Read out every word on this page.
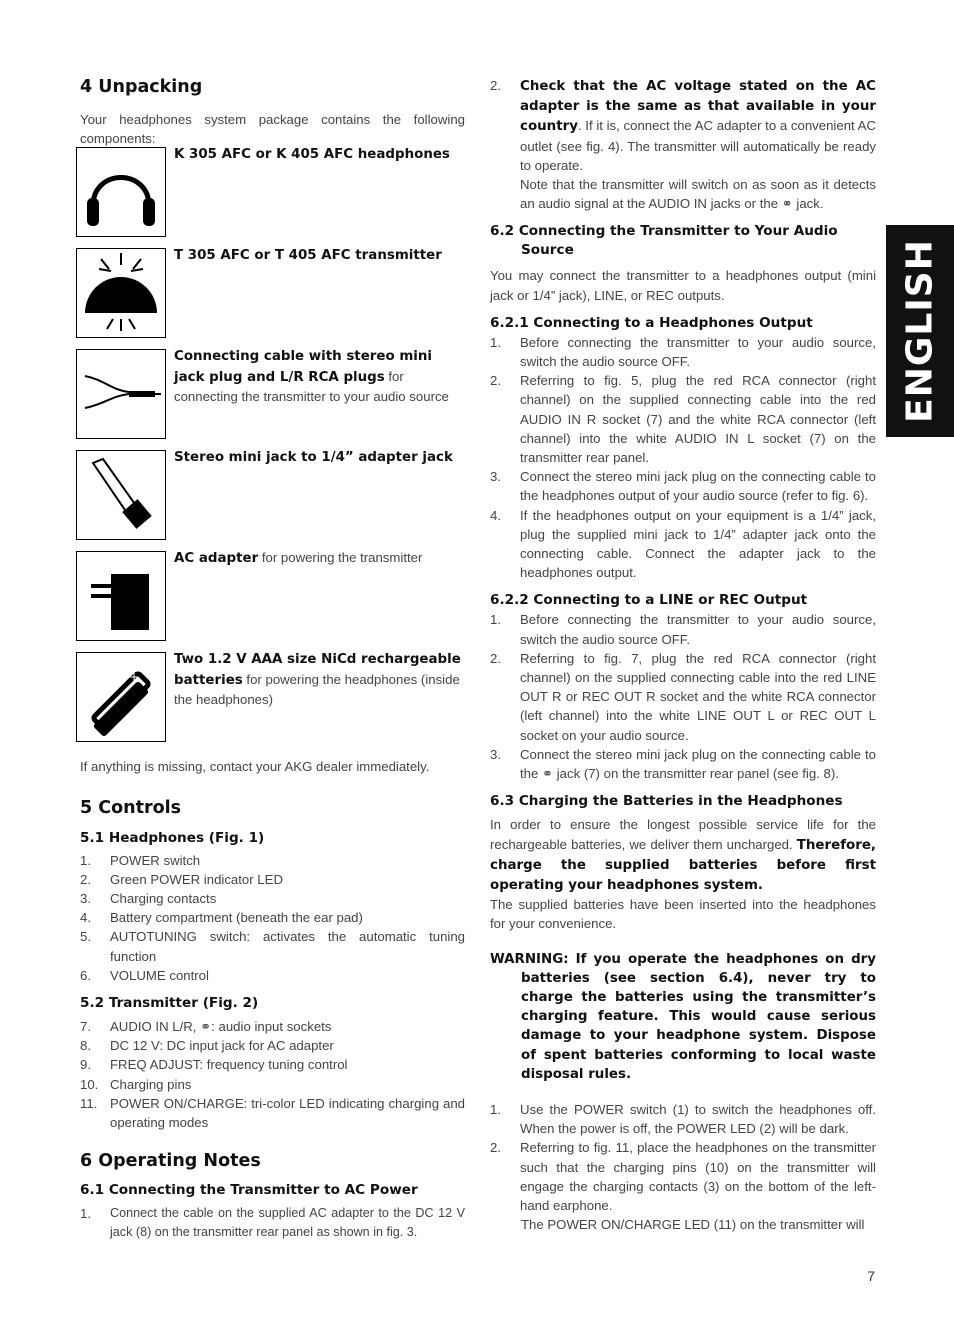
ENGLISH
4 Unpacking

Your headphones system package contains the following components:

K 305 AFC or K 405 AFC headphones

T 305 AFC or T 405 AFC transmitter

Connecting cable with stereo mini jack plug and L/R RCA plugs for connecting the transmitter to your audio source

Stereo mini jack to 1/4” adapter jack

AC adapter for powering the transmitter

+

Two 1.2 V AAA size NiCd rechargeable batteries for powering the headphones (inside the headphones)

If anything is missing, contact your AKG dealer immediately.

5 Controls
5.1 Headphones (Fig. 1)
1.	POWER switch
2.	Green POWER indicator LED
3.	Charging contacts
4.	Battery compartment (beneath the ear pad)
5.	AUTOTUNING switch: activates the automatic tuning function
6.	VOLUME control
5.2 Transmitter (Fig. 2)
7.	AUDIO IN L/R, ⚭: audio input sockets
8.	DC 12 V: DC input jack for AC adapter
9.	FREQ ADJUST: frequency tuning control
10. Charging pins
11. POWER ON/CHARGE: tri-color LED indicating charging and operating modes
6 Operating Notes
6.1 Connecting the Transmitter to AC Power
1.	Connect the cable on the supplied AC adapter to the DC 12 V jack (8) on the transmitter rear panel as shown in fig. 3.
2.	Check that the AC voltage stated on the AC adapter is the same as that available in your country. If it is, connect the AC adapter to a convenient AC outlet (see fig. 4). The transmitter will automatically be ready to operate.
Note that the transmitter will switch on as soon as it detects an audio signal at the AUDIO IN jacks or the ⚭ jack.
6.2 Connecting the Transmitter to Your Audio Source

You may connect the transmitter to a headphones output (mini jack or 1/4” jack), LINE, or REC outputs.

6.2.1 Connecting to a Headphones Output
1.	Before connecting the transmitter to your audio source, switch the audio source OFF.
2.	Referring to fig. 5, plug the red RCA connector (right channel) on the supplied connecting cable into the red AUDIO IN R socket (7) and the white RCA connector (left channel) into the white AUDIO IN L socket (7) on the transmitter rear panel.
3.	Connect the stereo mini jack plug on the connecting cable to the headphones output of your audio source (refer to fig. 6).
4.	If the headphones output on your equipment is a 1/4” jack, plug the supplied mini jack to 1/4” adapter jack onto the connecting cable. Connect the adapter jack to the headphones output.
6.2.2 Connecting to a LINE or REC Output
1.	Before connecting the transmitter to your audio source, switch the audio source OFF.
2.	Referring to fig. 7, plug the red RCA connector (right channel) on the supplied connecting cable into the red LINE OUT R or REC OUT R socket and the white RCA connector (left channel) into the white LINE OUT L or REC OUT L socket on your audio source.
3.	Connect the stereo mini jack plug on the connecting cable to the ⚭ jack (7) on the transmitter rear panel (see fig. 8).
6.3 Charging the Batteries in the Headphones

In order to ensure the longest possible service life for the rechargeable batteries, we deliver them uncharged. Therefore, charge the supplied batteries before first operating your headphones system.
The supplied batteries have been inserted into the headphones for your convenience.

WARNING: If you operate the headphones on dry batteries (see section 6.4), never try to charge the batteries using the transmitter’s charging feature. This would cause serious damage to your headphone system. Dispose of spent batteries conforming to local waste disposal rules.

1.	Use the POWER switch (1) to switch the headphones off. When the power is off, the POWER LED (2) will be dark.
2.	Referring to fig. 11, place the headphones on the transmitter such that the charging pins (10) on the transmitter will engage the charging contacts (3) on the bottom of the left-hand earphone.

The POWER ON/CHARGE LED (11) on the transmitter will

7
